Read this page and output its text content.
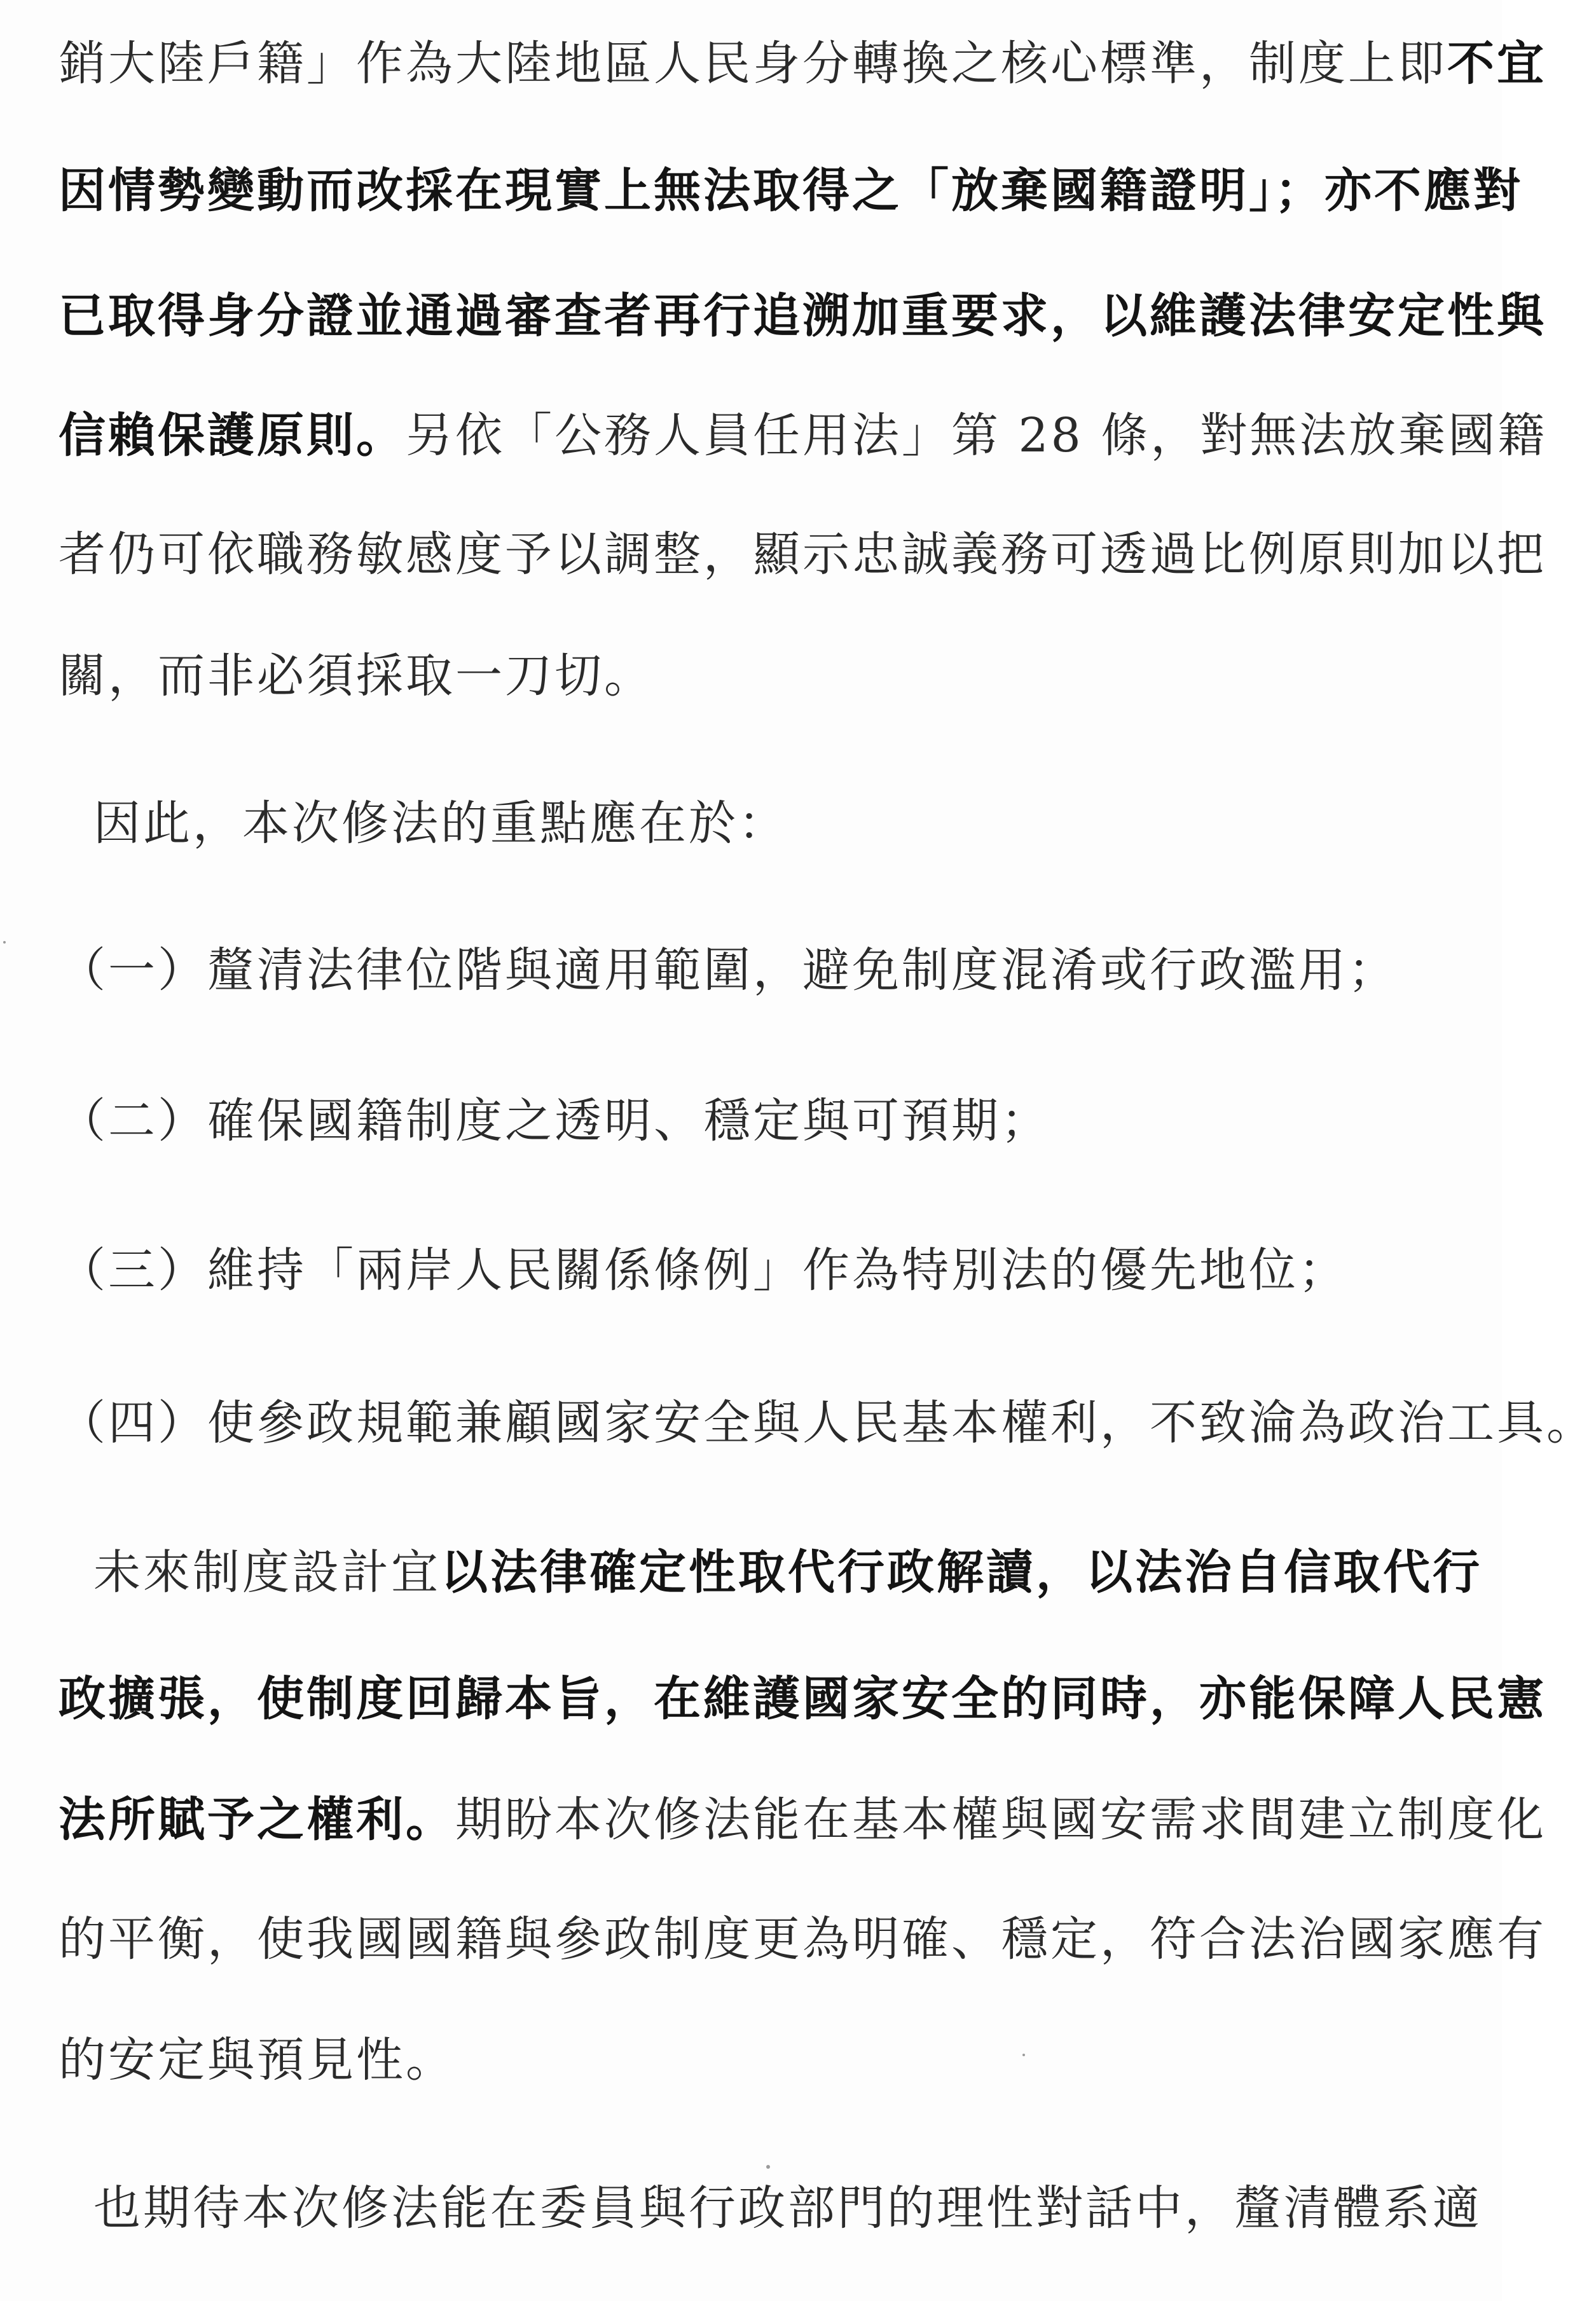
銷大陸戶籍」作為大陸地區人民身分轉換之核心標準，制度上即不宜
因情勢變動而改採在現實上無法取得之「放棄國籍證明」；亦不應對
已取得身分證並通過審查者再行追溯加重要求，以維護法律安定性與
信賴保護原則。另依「公務人員任用法」第 28 條，對無法放棄國籍
者仍可依職務敏感度予以調整，顯示忠誠義務可透過比例原則加以把
關，而非必須採取一刀切。
因此，本次修法的重點應在於：
（一）釐清法律位階與適用範圍，避免制度混淆或行政濫用；
（二）確保國籍制度之透明、穩定與可預期；
（三）維持「兩岸人民關係條例」作為特別法的優先地位；
（四）使參政規範兼顧國家安全與人民基本權利，不致淪為政治工具。
未來制度設計宜以法律確定性取代行政解讀，以法治自信取代行
政擴張，使制度回歸本旨，在維護國家安全的同時，亦能保障人民憲
法所賦予之權利。期盼本次修法能在基本權與國安需求間建立制度化
的平衡，使我國國籍與參政制度更為明確、穩定，符合法治國家應有
的安定與預見性。
也期待本次修法能在委員與行政部門的理性對話中，釐清體系適
